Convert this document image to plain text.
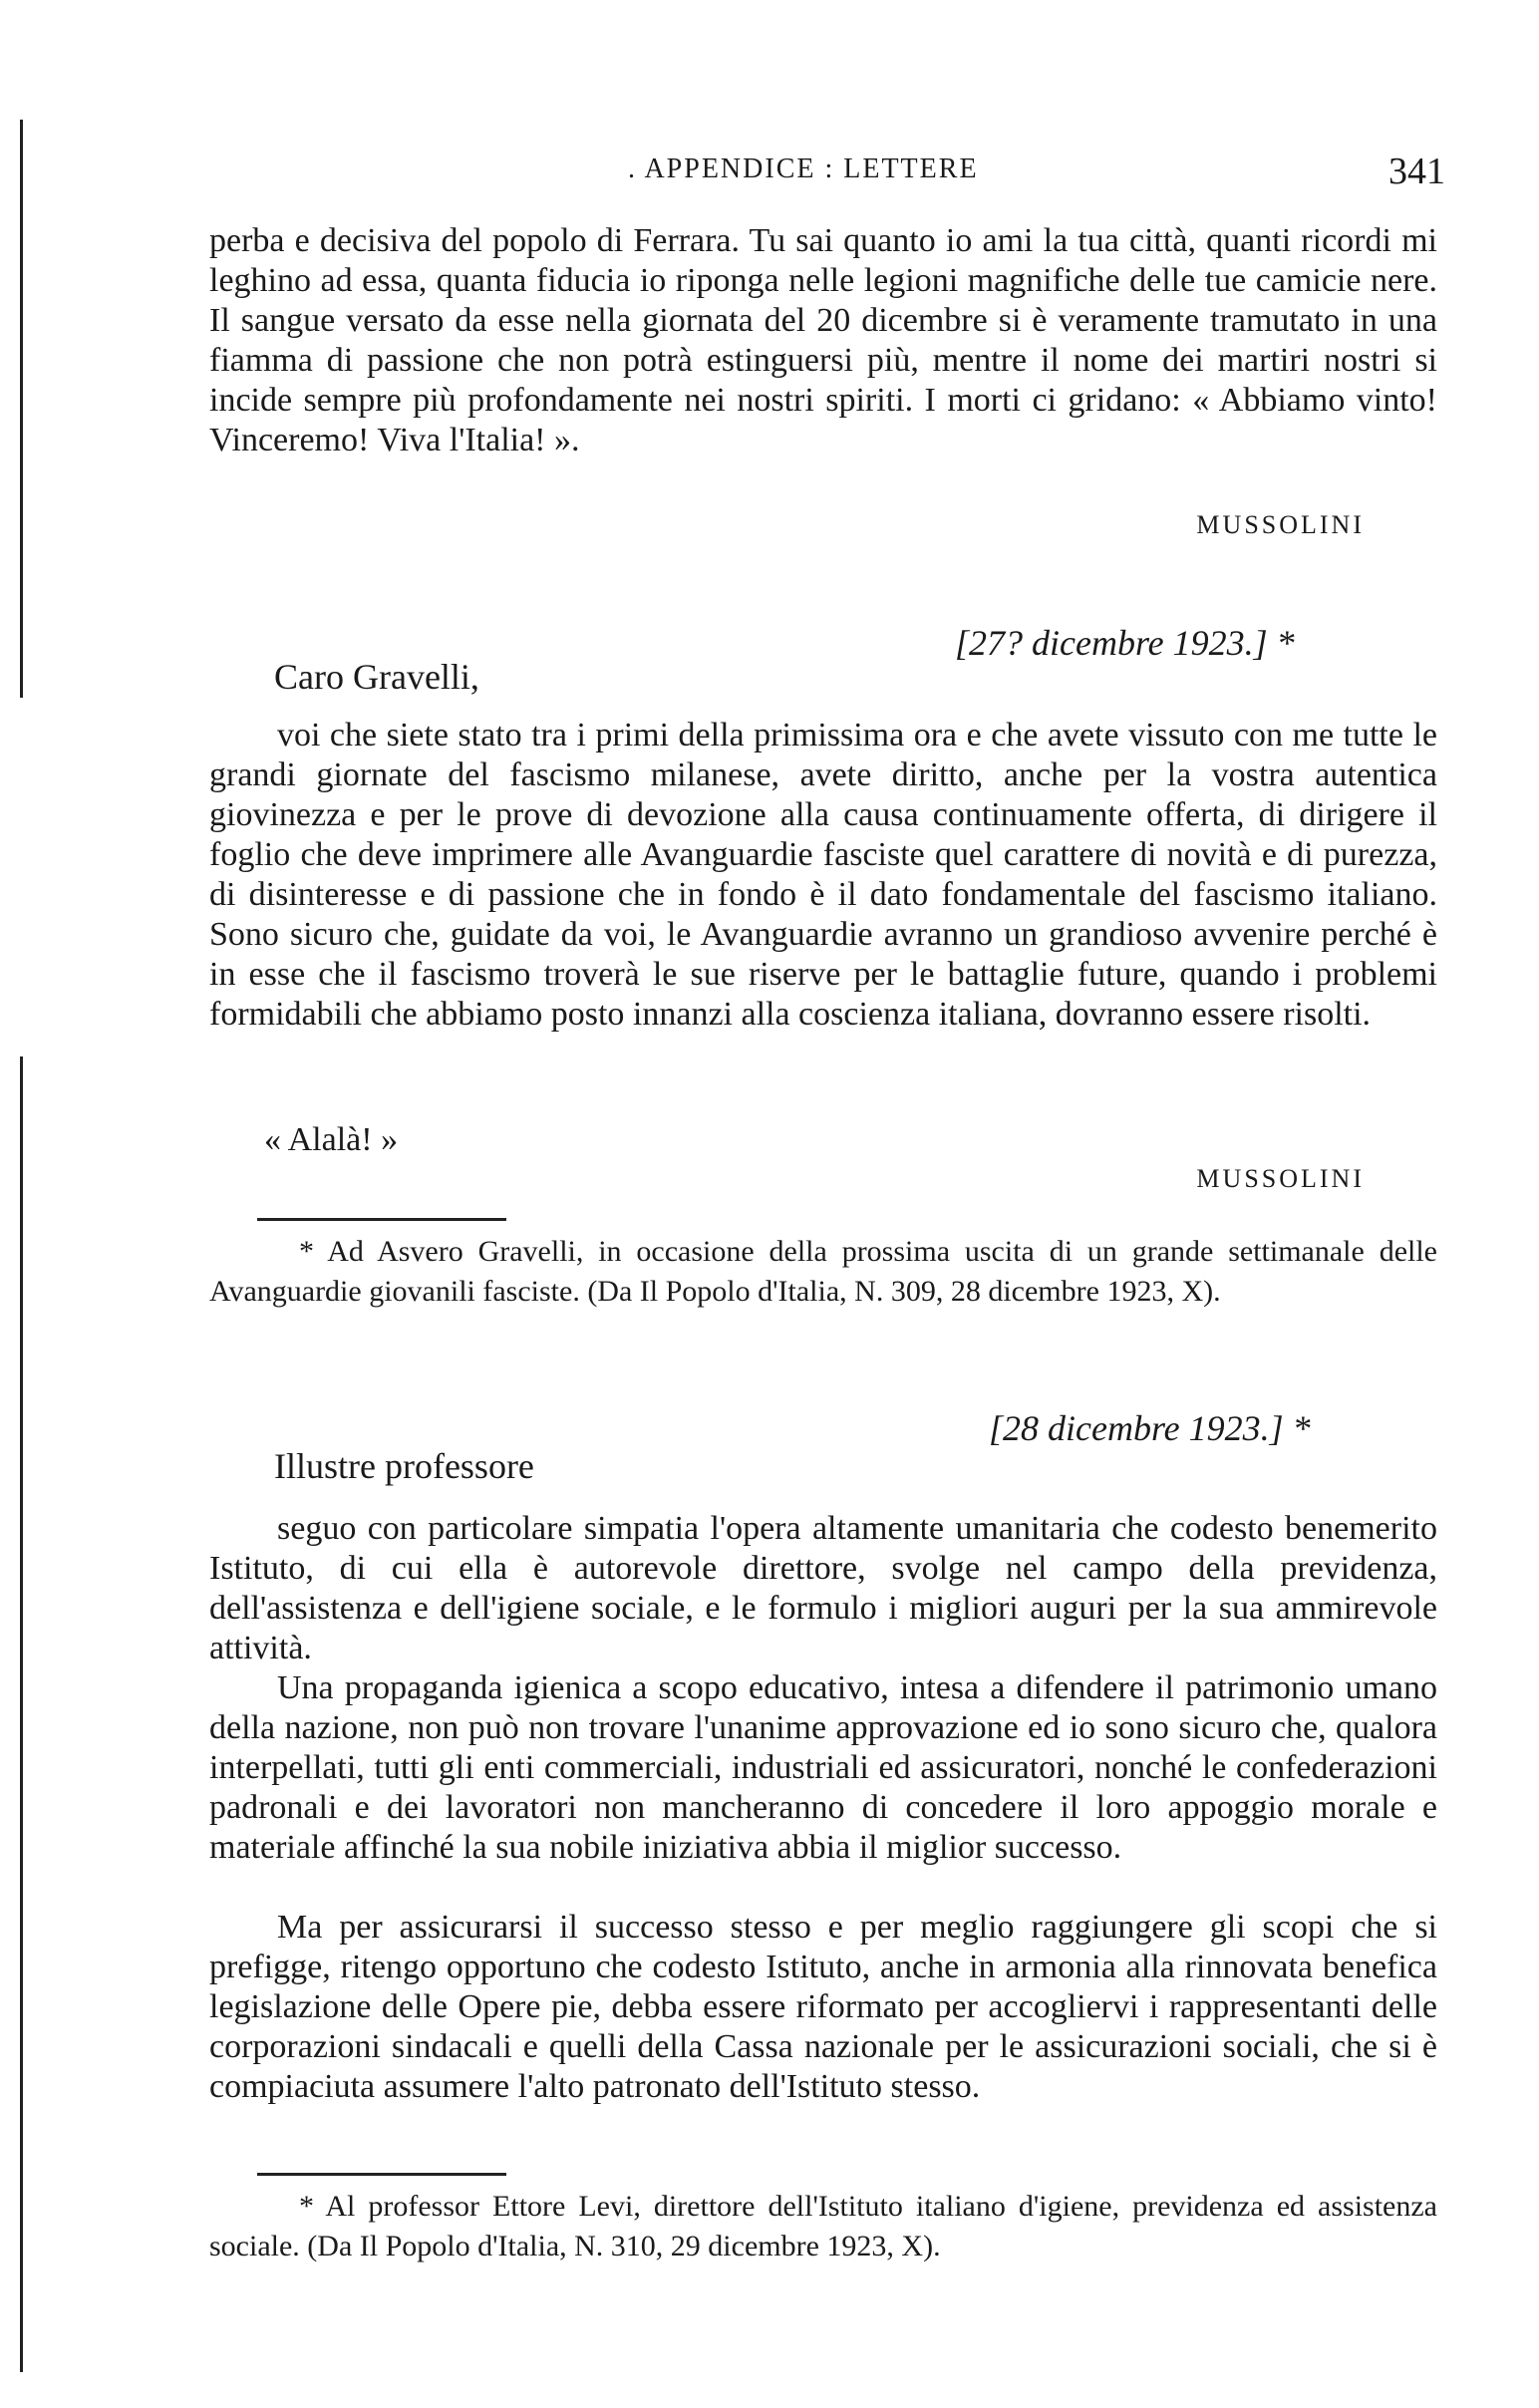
. APPENDICE : LETTERE	341

perba e decisiva del popolo di Ferrara. Tu sai quanto io ami la tua città, quanti ricordi mi leghino ad essa, quanta fiducia io riponga nelle legioni magnifiche delle tue camicie nere. Il sangue versato da esse nella giornata del 20 dicembre si è veramente tramutato in una fiamma di passione che non potrà estinguersi più, mentre il nome dei martiri nostri si incide sempre più profondamente nei nostri spiriti. I morti ci gridano: « Abbiamo vinto! Vinceremo! Viva l'Italia! ».

MUSSOLINI
[27? dicembre 1923.] *
Caro Gravelli,

voi che siete stato tra i primi della primissima ora e che avete vissuto con me tutte le grandi giornate del fascismo milanese, avete diritto, anche per la vostra autentica giovinezza e per le prove di devozione alla causa continuamente offerta, di dirigere il foglio che deve imprimere alle Avanguardie fasciste quel carattere di novità e di purezza, di disinteresse e di passione che in fondo è il dato fondamentale del fascismo italiano. Sono sicuro che, guidate da voi, le Avanguardie avranno un grandioso avvenire perché è in esse che il fascismo troverà le sue riserve per le battaglie future, quando i problemi formidabili che abbiamo posto innanzi alla coscienza italiana, dovranno essere risolti.

« Alalà! »
MUSSOLINI

* Ad Asvero Gravelli, in occasione della prossima uscita di un grande settimanale delle Avanguardie giovanili fasciste. (Da Il Popolo d'Italia, N. 309, 28 dicembre 1923, X).

[28 dicembre 1923.] *
Illustre professore

seguo con particolare simpatia l'opera altamente umanitaria che codesto benemerito Istituto, di cui ella è autorevole direttore, svolge nel campo della previdenza, dell'assistenza e dell'igiene sociale, e le formulo i migliori auguri per la sua ammirevole attività.

Una propaganda igienica a scopo educativo, intesa a difendere il patrimonio umano della nazione, non può non trovare l'unanime approvazione ed io sono sicuro che, qualora interpellati, tutti gli enti commerciali, industriali ed assicuratori, nonché le confederazioni padronali e dei lavoratori non mancheranno di concedere il loro appoggio morale e materiale affinché la sua nobile iniziativa abbia il miglior successo.

Ma per assicurarsi il successo stesso e per meglio raggiungere gli scopi che si prefigge, ritengo opportuno che codesto Istituto, anche in armonia alla rinnovata benefica legislazione delle Opere pie, debba essere riformato per accogliervi i rappresentanti delle corporazioni sindacali e quelli della Cassa nazionale per le assicurazioni sociali, che si è compiaciuta assumere l'alto patronato dell'Istituto stesso.

* Al professor Ettore Levi, direttore dell'Istituto italiano d'igiene, previdenza ed assistenza sociale. (Da Il Popolo d'Italia, N. 310, 29 dicembre 1923, X).
